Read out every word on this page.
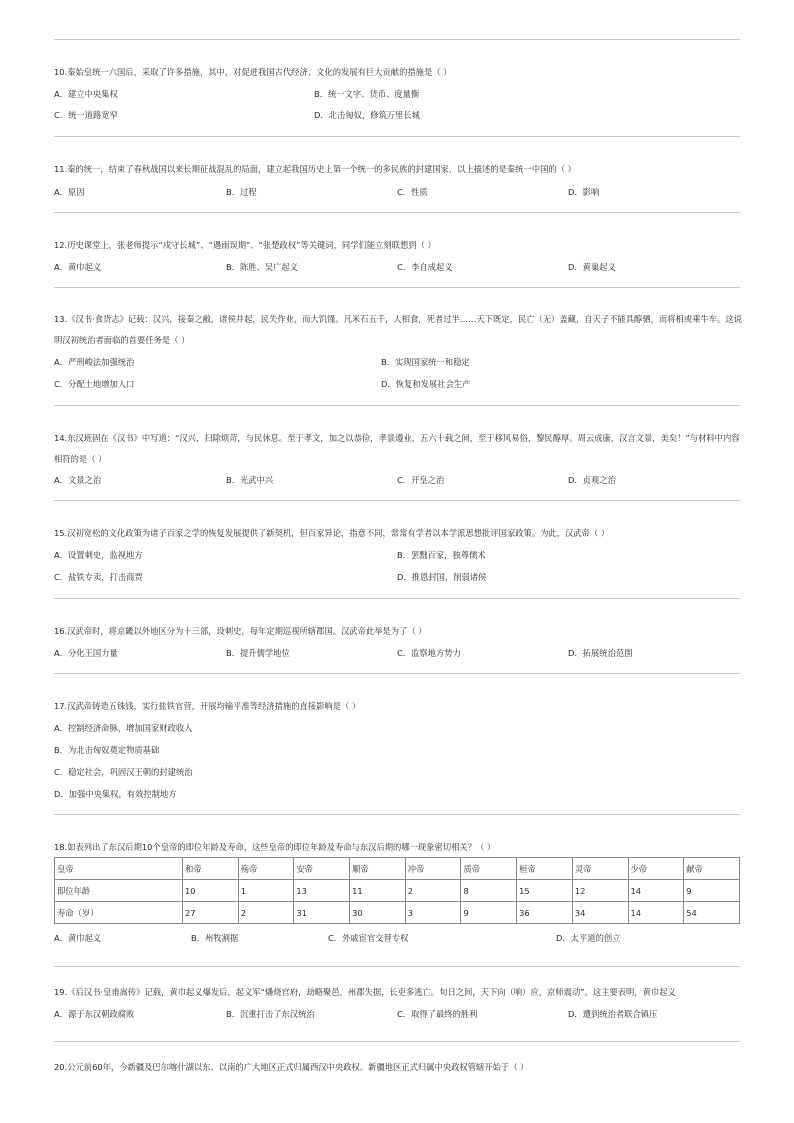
10.秦始皇统一六国后，采取了许多措施，其中，对促进我国古代经济、文化的发展有巨大贡献的措施是（ ）
A．建立中央集权	B．统一文字、货币、度量衡
C．统一道路宽窄	D．北击匈奴，修筑万里长城
11.秦的统一，结束了春秋战国以来长期征战混乱的局面，建立起我国历史上第一个统一的多民族的封建国家，以上描述的是秦统一中国的（ ）
A．原因	B．过程	C．性质	D．影响
12.历史课堂上，张老师提示“戍守长城”、“遇雨误期”、“张楚政权”等关键词，同学们能立刻联想到（ ）
A．黄巾起义	B．陈胜、吴广起义	C．李自成起义	D．黄巢起义
13.《汉书·食货志》记载：汉兴，接秦之敝，诸侯并起，民失作业，而大饥馑。凡米石五千，人相食，死者过半……天下既定，民亡（无）盖藏，自天子不能具醇驷，而将相或乘牛车。这说明汉初统治者面临的首要任务是（ ）
A．严刑峻法加强统治	B．实现国家统一和稳定
C．分配土地增加人口	D．恢复和发展社会生产
14.东汉班固在《汉书》中写道：“汉兴，扫除烦苛，与民休息。至于孝文，加之以恭俭，孝景遵业，五六十载之间，至于移风易俗，黎民醇厚。周云成康，汉言文景，美矣！”与材料中内容相符的是（ ）
A．文景之治	B．光武中兴	C．开皇之治	D．贞观之治
15.汉初宽松的文化政策为诸子百家之学的恢复发展提供了新契机，但百家异论，指意不同，常常有学者以本学派思想批评国家政策。为此，汉武帝（ ）
A．设置刺史，监视地方	B．罢黜百家，独尊儒术
C．盐铁专卖，打击商贾	D．推恩封国，削弱诸侯
16.汉武帝时，将京畿以外地区分为十三部，设刺史，每年定期巡视所辖郡国。汉武帝此举是为了（ ）
A．分化王国力量	B．提升儒学地位	C．监察地方势力	D．拓展统治范围
17.汉武帝铸造五铢钱，实行盐铁官营，开展均输平准等经济措施的直接影响是（ ）
A．控制经济命脉，增加国家财政收入
B．为北击匈奴奠定物质基础
C．稳定社会，巩固汉王朝的封建统治
D．加强中央集权，有效控制地方
18.如表列出了东汉后期10个皇帝的即位年龄及寿命，这些皇帝的即位年龄及寿命与东汉后期的哪一现象密切相关？（ ）
皇帝	和帝	殇帝	安帝	顺帝	冲帝	质帝	桓帝	灵帝	少帝	献帝
即位年龄	10	1	13	11	2	8	15	12	14	9
寿命（岁）	27	2	31	30	3	9	36	34	14	54
A．黄巾起义	B．州牧割据	C．外戚宦官交替专权	D．太平道的创立
19.《后汉书·皇甫嵩传》记载，黄巾起义爆发后，起义军“燔烧官府，劫略聚邑，州郡失据，长吏多逃亡。旬日之间，天下向（响）应，京师震动”。这主要表明，黄巾起义
A．源于东汉朝政腐败	B．沉重打击了东汉统治	C．取得了最终的胜利	D．遭到统治者联合镇压
20.公元前60年，今新疆及巴尔喀什湖以东、以南的广大地区正式归属西汉中央政权。新疆地区正式归属中央政权管辖开始于（ ）
